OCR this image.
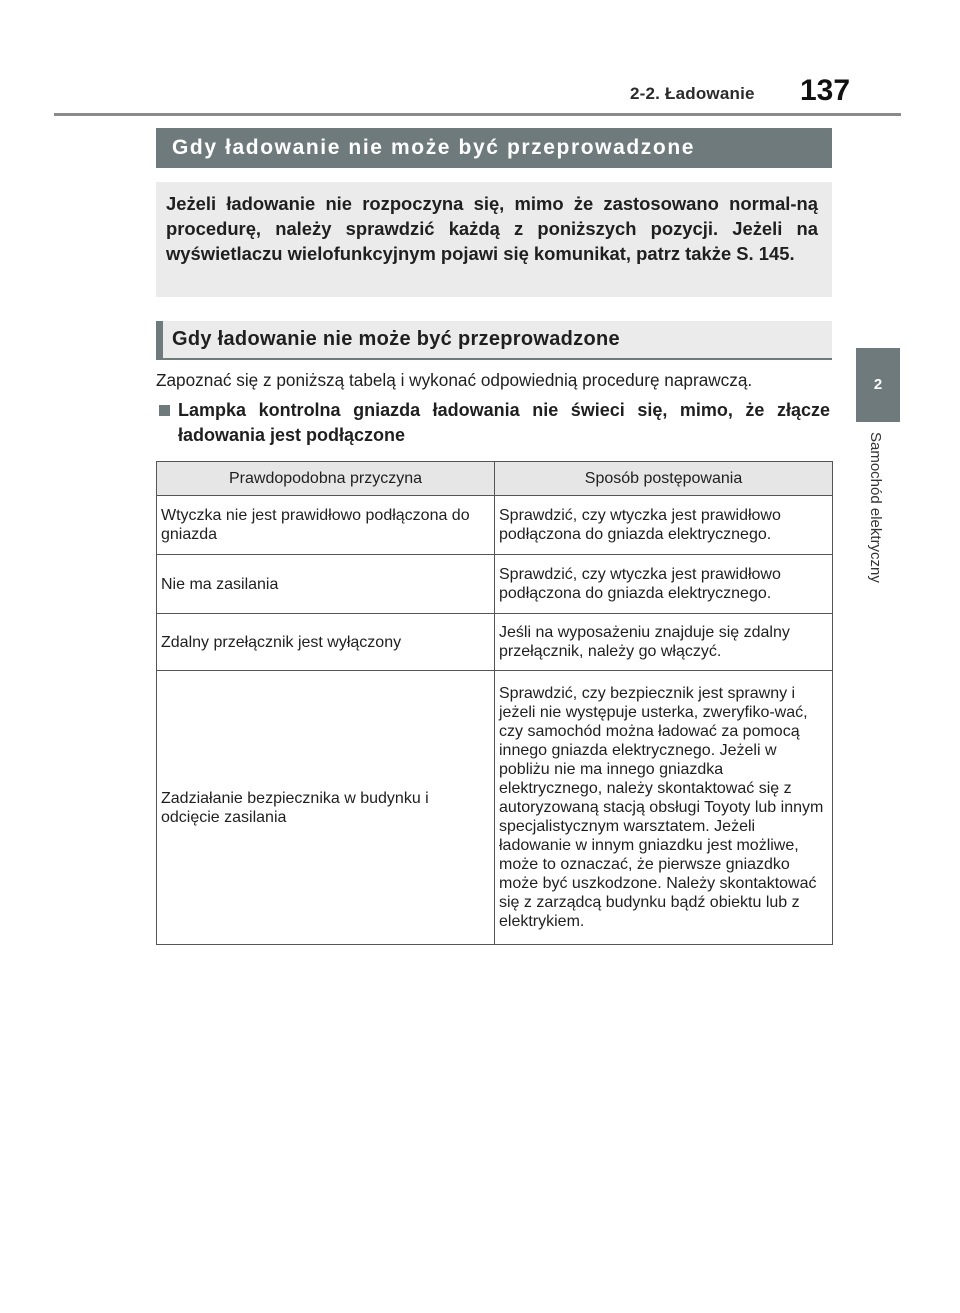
2-2. Ładowanie 137
2
Samochód elektryczny
Gdy ładowanie nie może być przeprowadzone

Jeżeli ładowanie nie rozpoczyna się, mimo że zastosowano normal-ną procedurę, należy sprawdzić każdą z poniższych pozycji. Jeżeli na wyświetlaczu wielofunkcyjnym pojawi się komunikat, patrz także S. 145.

Gdy ładowanie nie może być przeprowadzone
Zapoznać się z poniższą tabelą i wykonać odpowiednią procedurę naprawczą.
Lampka kontrolna gniazda ładowania nie świeci się, mimo, że złącze ładowania jest podłączone
Prawdopodobna przyczyna	Sposób postępowania
Wtyczka nie jest prawidłowo podłączona do gniazda	Sprawdzić, czy wtyczka jest prawidłowo podłączona do gniazda elektrycznego.
Nie ma zasilania	Sprawdzić, czy wtyczka jest prawidłowo podłączona do gniazda elektrycznego.
Zdalny przełącznik jest wyłączony	Jeśli na wyposażeniu znajduje się zdalny przełącznik, należy go włączyć.
Zadziałanie bezpiecznika w budynku i odcięcie zasilania	Sprawdzić, czy bezpiecznik jest sprawny i jeżeli nie występuje usterka, zweryfiko-wać, czy samochód można ładować za pomocą innego gniazda elektrycznego. Jeżeli w pobliżu nie ma innego gniazdka elektrycznego, należy skontaktować się z autoryzowaną stacją obsługi Toyoty lub innym specjalistycznym warsztatem. Jeżeli ładowanie w innym gniazdku jest możliwe, może to oznaczać, że pierwsze gniazdko może być uszkodzone. Należy skontaktować się z zarządcą budynku bądź obiektu lub z elektrykiem.
